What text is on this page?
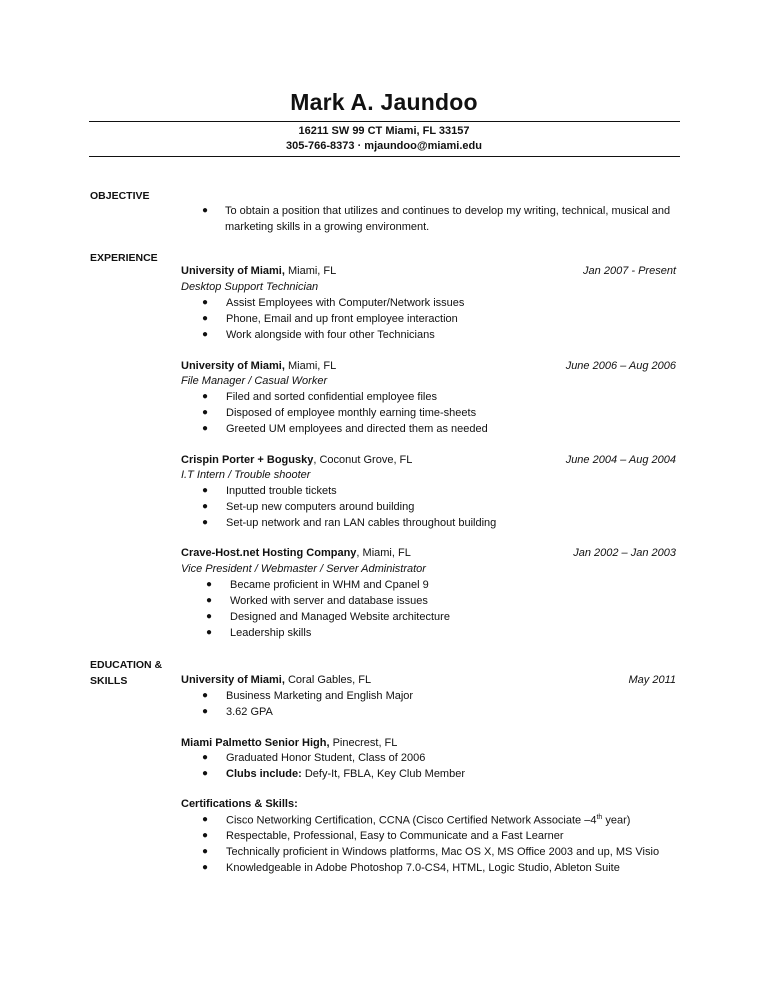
Mark A. Jaundoo
16211 SW 99 CT Miami, FL 33157
305-766-8373 · mjaundoo@miami.edu
OBJECTIVE
● To obtain a position that utilizes and continues to develop my writing, technical, musical and marketing skills in a growing environment.
EXPERIENCE
University of Miami, Miami, FL	Jan 2007 - Present
Desktop Support Technician
● Assist Employees with Computer/Network issues
● Phone, Email and up front employee interaction
● Work alongside with four other Technicians
University of Miami, Miami, FL	June 2006 – Aug 2006
File Manager / Casual Worker
● Filed and sorted confidential employee files
● Disposed of employee monthly earning time-sheets
● Greeted UM employees and directed them as needed
Crispin Porter + Bogusky, Coconut Grove, FL	June 2004 – Aug 2004
I.T Intern / Trouble shooter
● Inputted trouble tickets
● Set-up new computers around building
● Set-up network and ran LAN cables throughout building
Crave-Host.net Hosting Company, Miami, FL	Jan 2002 – Jan 2003
Vice President / Webmaster / Server Administrator
● Became proficient in WHM and Cpanel 9
● Worked with server and database issues
● Designed and Managed Website architecture
● Leadership skills
EDUCATION &
SKILLS	University of Miami, Coral Gables, FL	May 2011
● Business Marketing and English Major
● 3.62 GPA
Miami Palmetto Senior High, Pinecrest, FL
● Graduated Honor Student, Class of 2006
● Clubs include: Defy-It, FBLA, Key Club Member
Certifications & Skills:
● Cisco Networking Certification, CCNA (Cisco Certified Network Associate –4th year)
● Respectable, Professional, Easy to Communicate and a Fast Learner
● Technically proficient in Windows platforms, Mac OS X, MS Office 2003 and up, MS Visio
● Knowledgeable in Adobe Photoshop 7.0-CS4, HTML, Logic Studio, Ableton Suite
